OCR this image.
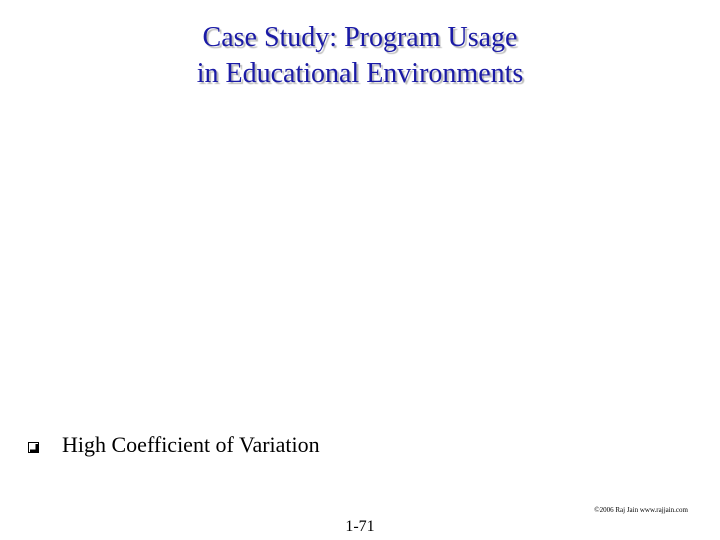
Case Study: Program Usage
in Educational Environments
High Coefficient of Variation
©2006 Raj Jain www.rajjain.com
1-71
